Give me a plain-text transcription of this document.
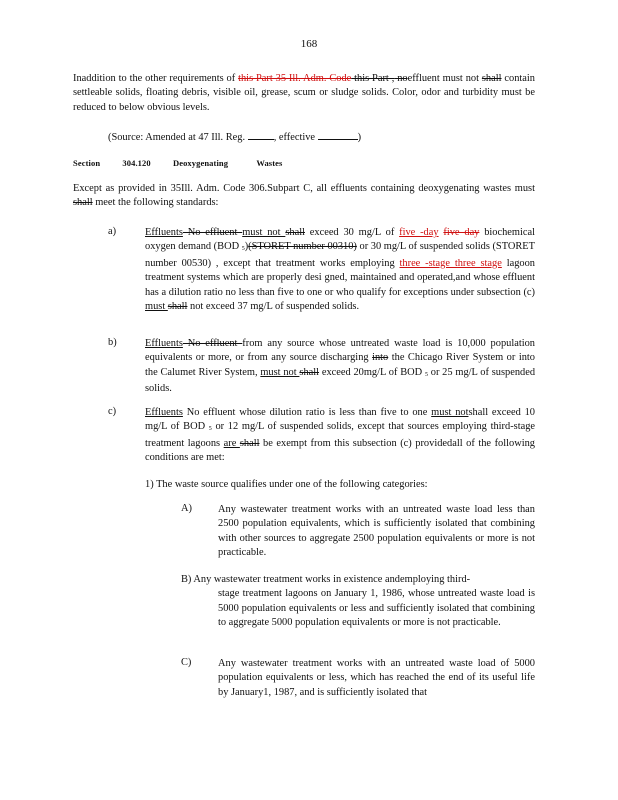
168
Inaddition to the other requirements of this Part 35 Ill. Adm. Code this Part , noeffluent must not shall contain settleable solids, floating debris, visible oil, grease, scum or sludge solids. Color, odor and turbidity must be reduced to below obvious levels.
(Source: Amended at 47 Ill. Reg.	, effective	)
Section	304.120	Deoxygenating	Wastes
Except as provided in 35Ill. Adm. Code 306.Subpart C, all effluents containing deoxygenating wastes must shall meet the following standards:
a)	Effluents No effluent must not shall exceed 30 mg/L of five -day five day biochemical oxygen demand (BOD $_5$)(STORET number 00310) or 30 mg/L of suspended solids (STORET number 00530) , except that treatment works employing three -stage three stage lagoon treatment systems which are properly desi gned, maintained and operated,and whose effluent has a dilution ratio no less than five to one or who qualify for exceptions under subsection (c) must shall not exceed 37 mg/L of suspended solids.
b)	Effluents No effluent from any source whose untreated waste load is 10,000 population equivalents or more, or from any source discharging into the Chicago River System or into the Calumet River System, must not shall exceed 20mg/L of BOD $_5$ or 25 mg/L of suspended solids.
c)	Effluents No effluent whose dilution ratio is less than five to one must notshall exceed 10 mg/L of BOD $_5$ or 12 mg/L of suspended solids, except that sources employing third-stage treatment lagoons are shall be exempt from this subsection (c) providedall of the following conditions are met:
1) The waste source qualifies under one of the following categories:
A)	Any wastewater treatment works with an untreated waste load less than 2500 population equivalents, which is sufficiently isolated that combining with other sources to aggregate 2500 population equivalents or more is not practicable.
B) Any wastewater treatment works in existence andemploying third-
stage treatment lagoons on January 1, 1986, whose untreated waste load is 5000 population equivalents or less and sufficiently isolated that combining to aggregate 5000 population equivalents or more is not practicable.
C)	Any wastewater treatment works with an untreated waste load of 5000 population equivalents or less, which has reached the end of its useful life by January1, 1987, and is sufficiently isolated that
